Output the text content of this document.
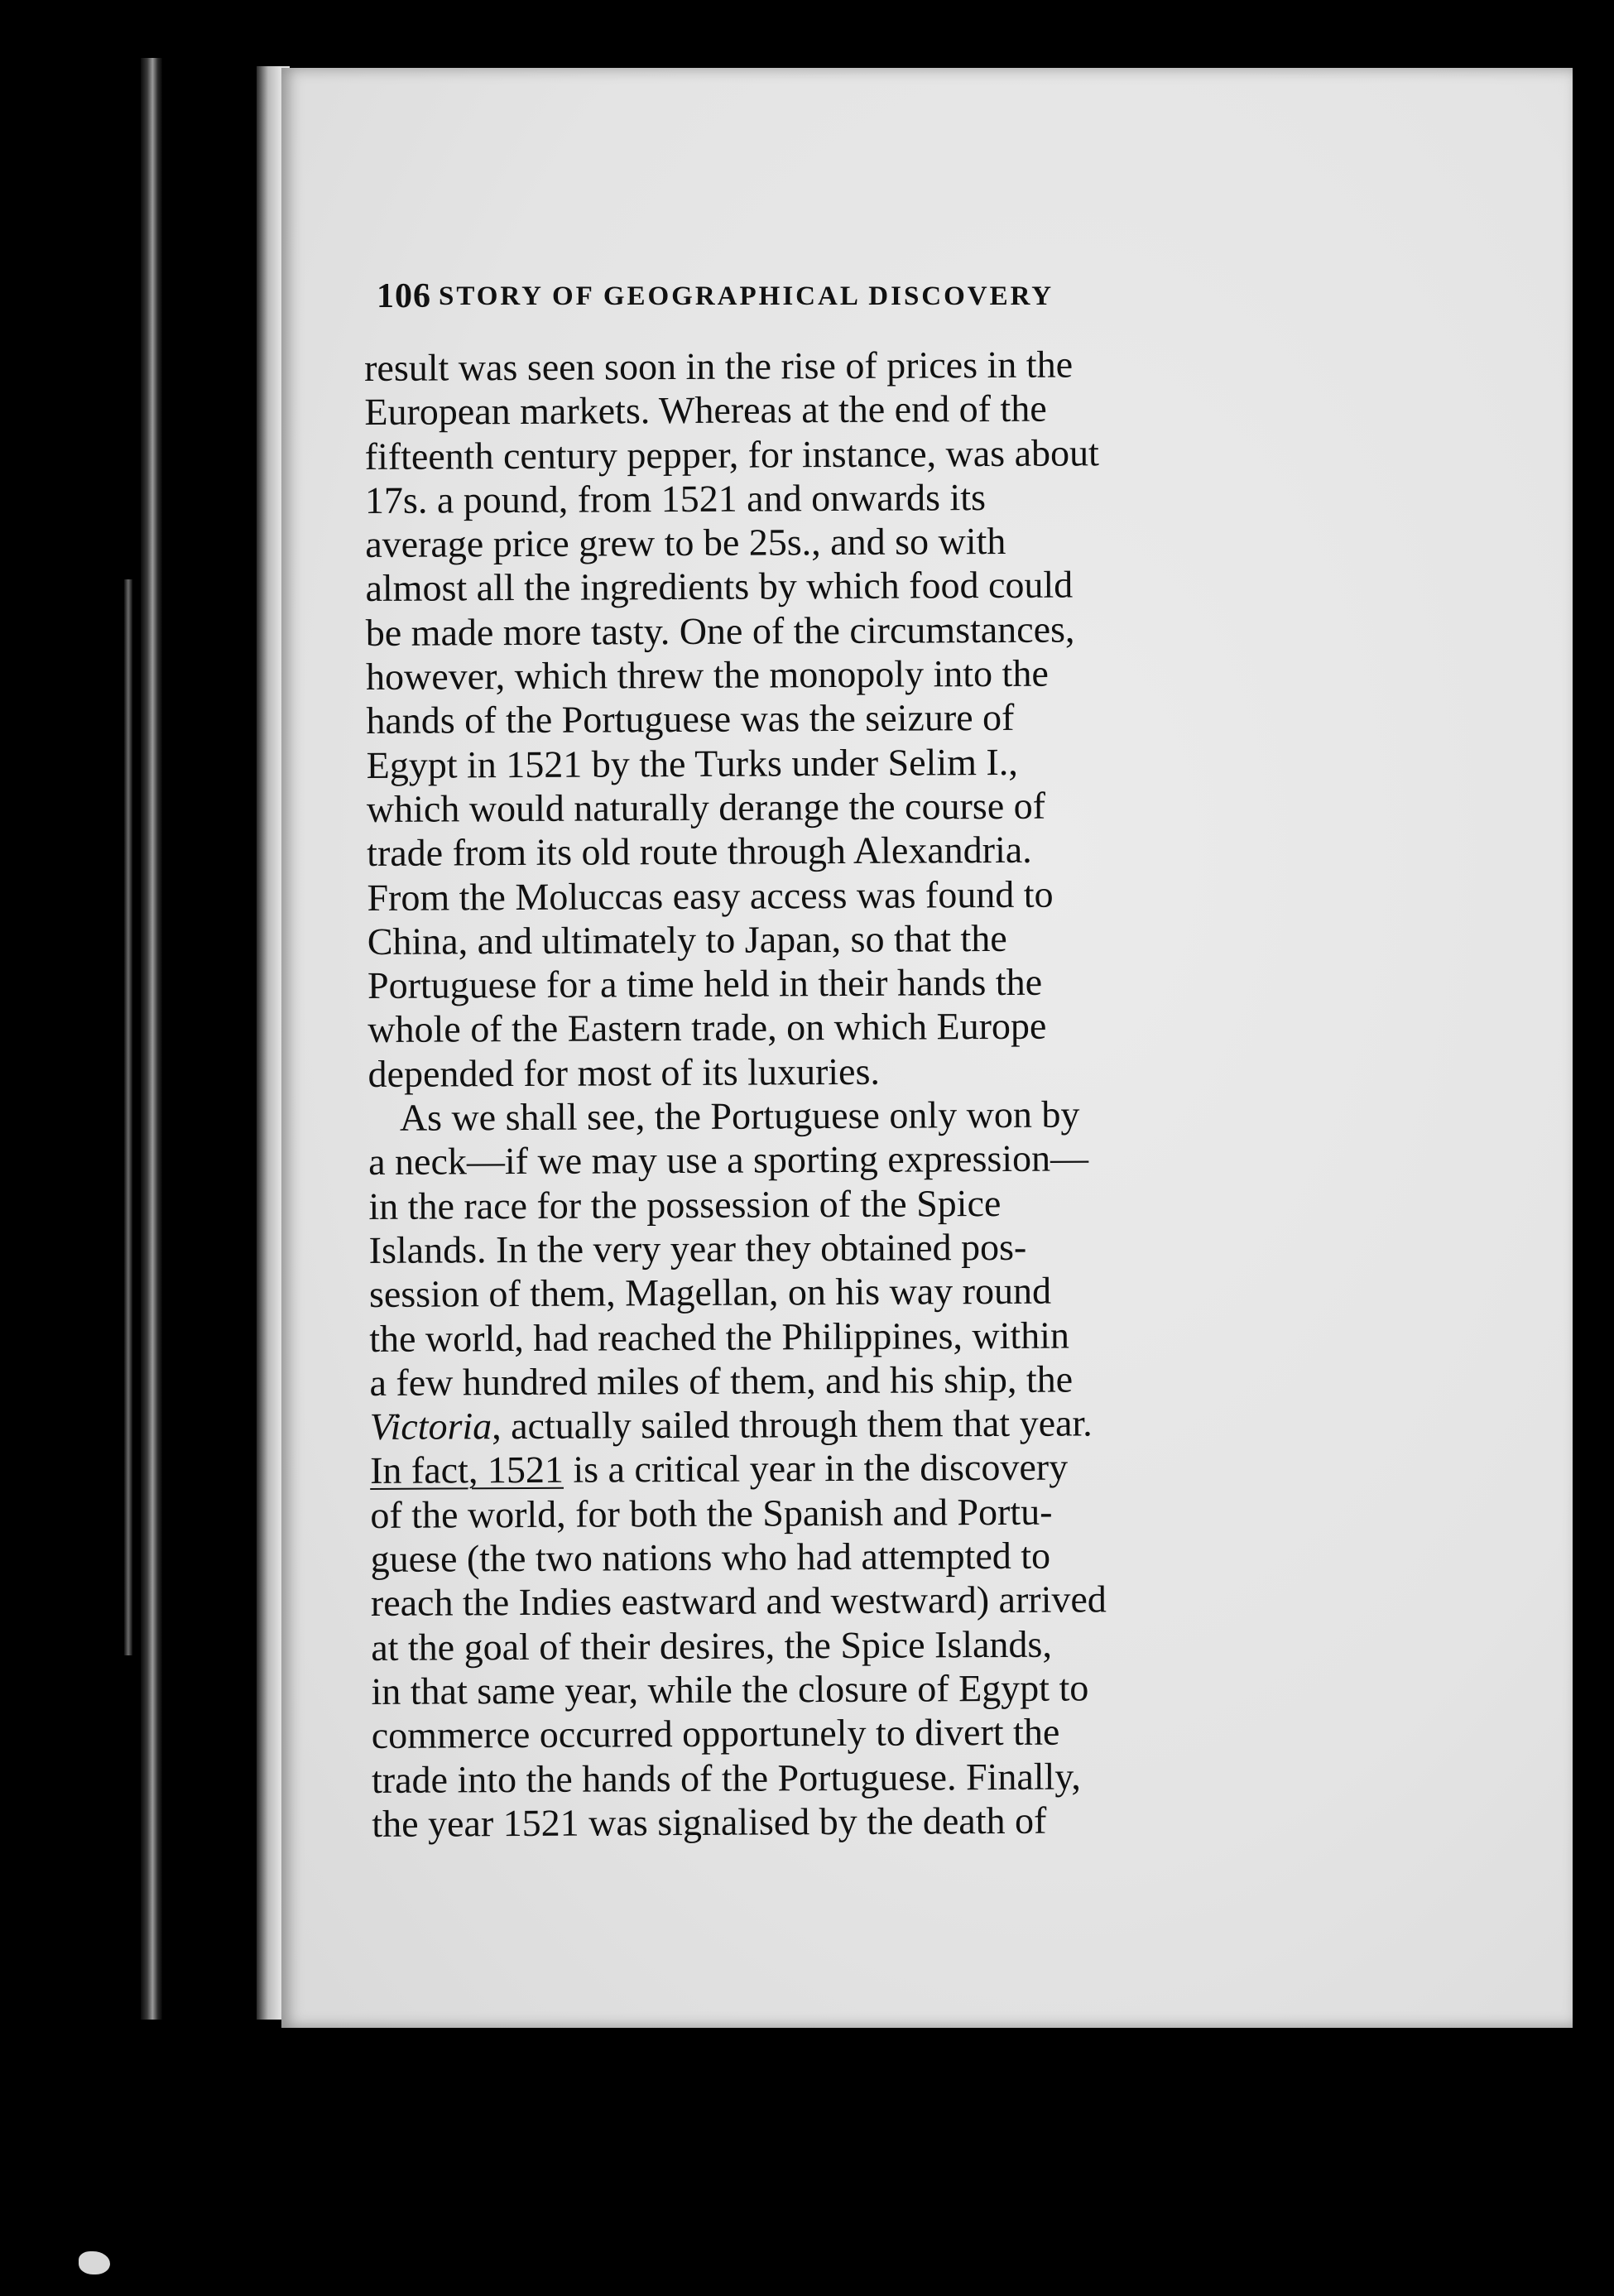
106 STORY OF GEOGRAPHICAL DISCOVERY
result was seen soon in the rise of prices in the
European markets. Whereas at the end of the
fifteenth century pepper, for instance, was about
17s. a pound, from 1521 and onwards its
average price grew to be 25s., and so with
almost all the ingredients by which food could
be made more tasty. One of the circumstances,
however, which threw the monopoly into the
hands of the Portuguese was the seizure of
Egypt in 1521 by the Turks under Selim I.,
which would naturally derange the course of
trade from its old route through Alexandria.
From the Moluccas easy access was found to
China, and ultimately to Japan, so that the
Portuguese for a time held in their hands the
whole of the Eastern trade, on which Europe
depended for most of its luxuries.
As we shall see, the Portuguese only won by
a neck—if we may use a sporting expression—
in the race for the possession of the Spice
Islands. In the very year they obtained pos-
session of them, Magellan, on his way round
the world, had reached the Philippines, within
a few hundred miles of them, and his ship, the
Victoria, actually sailed through them that year.
In fact, 1521 is a critical year in the discovery
of the world, for both the Spanish and Portu-
guese (the two nations who had attempted to
reach the Indies eastward and westward) arrived
at the goal of their desires, the Spice Islands,
in that same year, while the closure of Egypt to
commerce occurred opportunely to divert the
trade into the hands of the Portuguese. Finally,
the year 1521 was signalised by the death of
